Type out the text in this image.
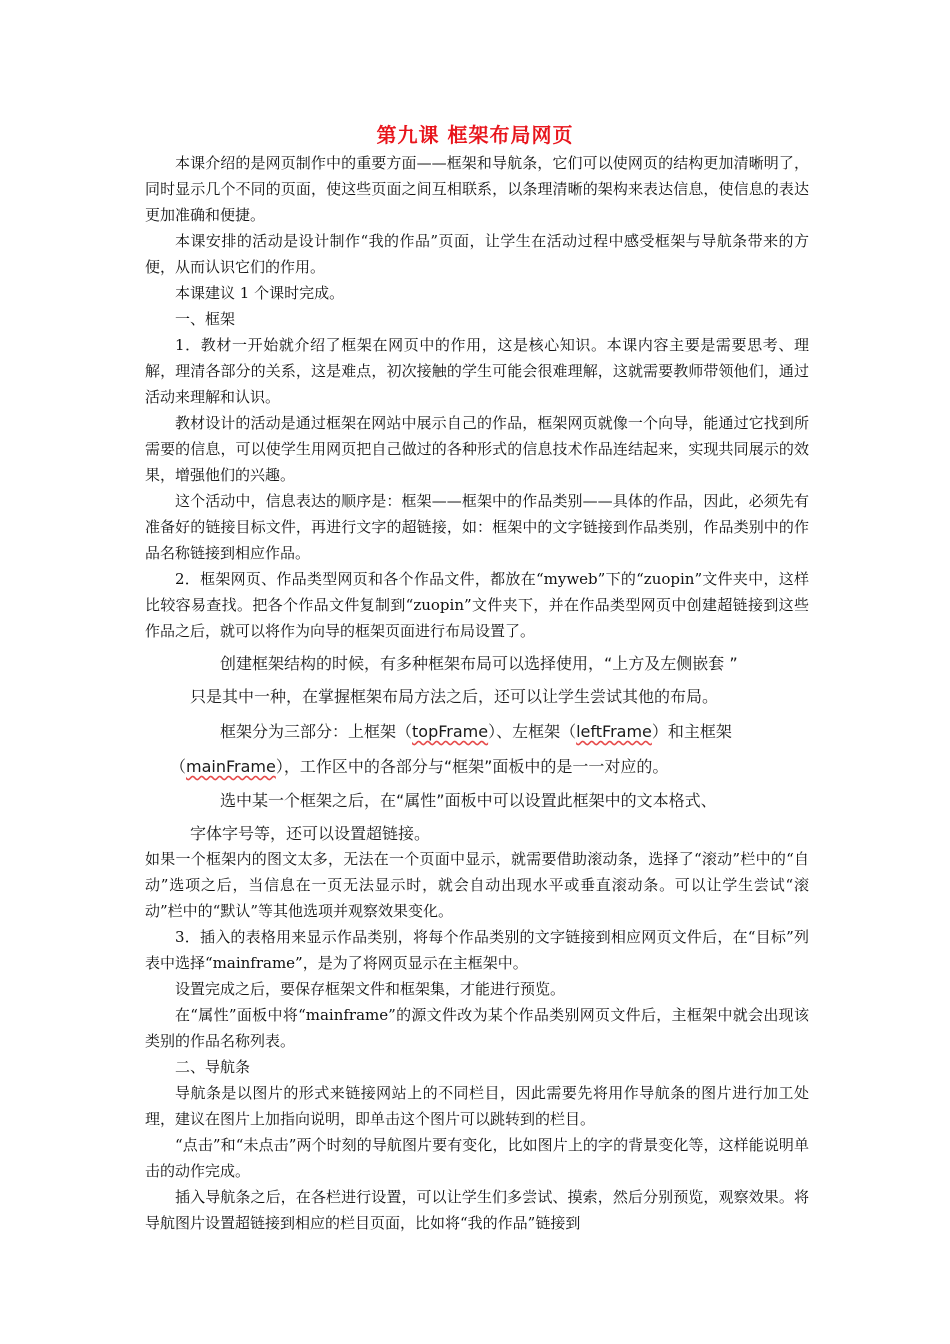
第九课 框架布局网页

本课介绍的是网页制作中的重要方面——框架和导航条，它们可以使网页的结构更加清晰明了，同时显示几个不同的页面，使这些页面之间互相联系，以条理清晰的架构来表达信息，使信息的表达更加准确和便捷。

本课安排的活动是设计制作“我的作品”页面，让学生在活动过程中感受框架与导航条带来的方便，从而认识它们的作用。

本课建议 1 个课时完成。

一、框架

1．教材一开始就介绍了框架在网页中的作用，这是核心知识。本课内容主要是需要思考、理解，理清各部分的关系，这是难点，初次接触的学生可能会很难理解，这就需要教师带领他们，通过活动来理解和认识。

教材设计的活动是通过框架在网站中展示自己的作品，框架网页就像一个向导，能通过它找到所需要的信息，可以使学生用网页把自己做过的各种形式的信息技术作品连结起来，实现共同展示的效果，增强他们的兴趣。

这个活动中，信息表达的顺序是：框架——框架中的作品类别——具体的作品，因此，必须先有准备好的链接目标文件，再进行文字的超链接，如：框架中的文字链接到作品类别，作品类别中的作品名称链接到相应作品。

2．框架网页、作品类型网页和各个作品文件，都放在“myweb”下的“zuopin”文件夹中，这样比较容易查找。把各个作品文件复制到“zuopin”文件夹下，并在作品类型网页中创建超链接到这些作品之后，就可以将作为向导的框架页面进行布局设置了。

创建框架结构的时候，有多种框架布局可以选择使用，“上方及左侧嵌套 ”
只是其中一种，在掌握框架布局方法之后，还可以让学生尝试其他的布局。
框架分为三部分：上框架（topFrame）、左框架（leftFrame）和主框架
（mainFrame），工作区中的各部分与“框架”面板中的是一一对应的。
选中某一个框架之后，在“属性”面板中可以设置此框架中的文本格式、
字体字号等，还可以设置超链接。

如果一个框架内的图文太多，无法在一个页面中显示，就需要借助滚动条，选择了“滚动”栏中的“自动”选项之后，当信息在一页无法显示时，就会自动出现水平或垂直滚动条。可以让学生尝试“滚动”栏中的“默认”等其他选项并观察效果变化。

3．插入的表格用来显示作品类别，将每个作品类别的文字链接到相应网页文件后，在“目标”列表中选择“mainframe”，是为了将网页显示在主框架中。

设置完成之后，要保存框架文件和框架集，才能进行预览。

在“属性”面板中将“mainframe”的源文件改为某个作品类别网页文件后，主框架中就会出现该类别的作品名称列表。

二、导航条

导航条是以图片的形式来链接网站上的不同栏目，因此需要先将用作导航条的图片进行加工处理，建议在图片上加指向说明，即单击这个图片可以跳转到的栏目。

“点击”和“未点击”两个时刻的导航图片要有变化，比如图片上的字的背景变化等，这样能说明单击的动作完成。

插入导航条之后，在各栏进行设置，可以让学生们多尝试、摸索，然后分别预览，观察效果。将导航图片设置超链接到相应的栏目页面，比如将“我的作品”链接到
